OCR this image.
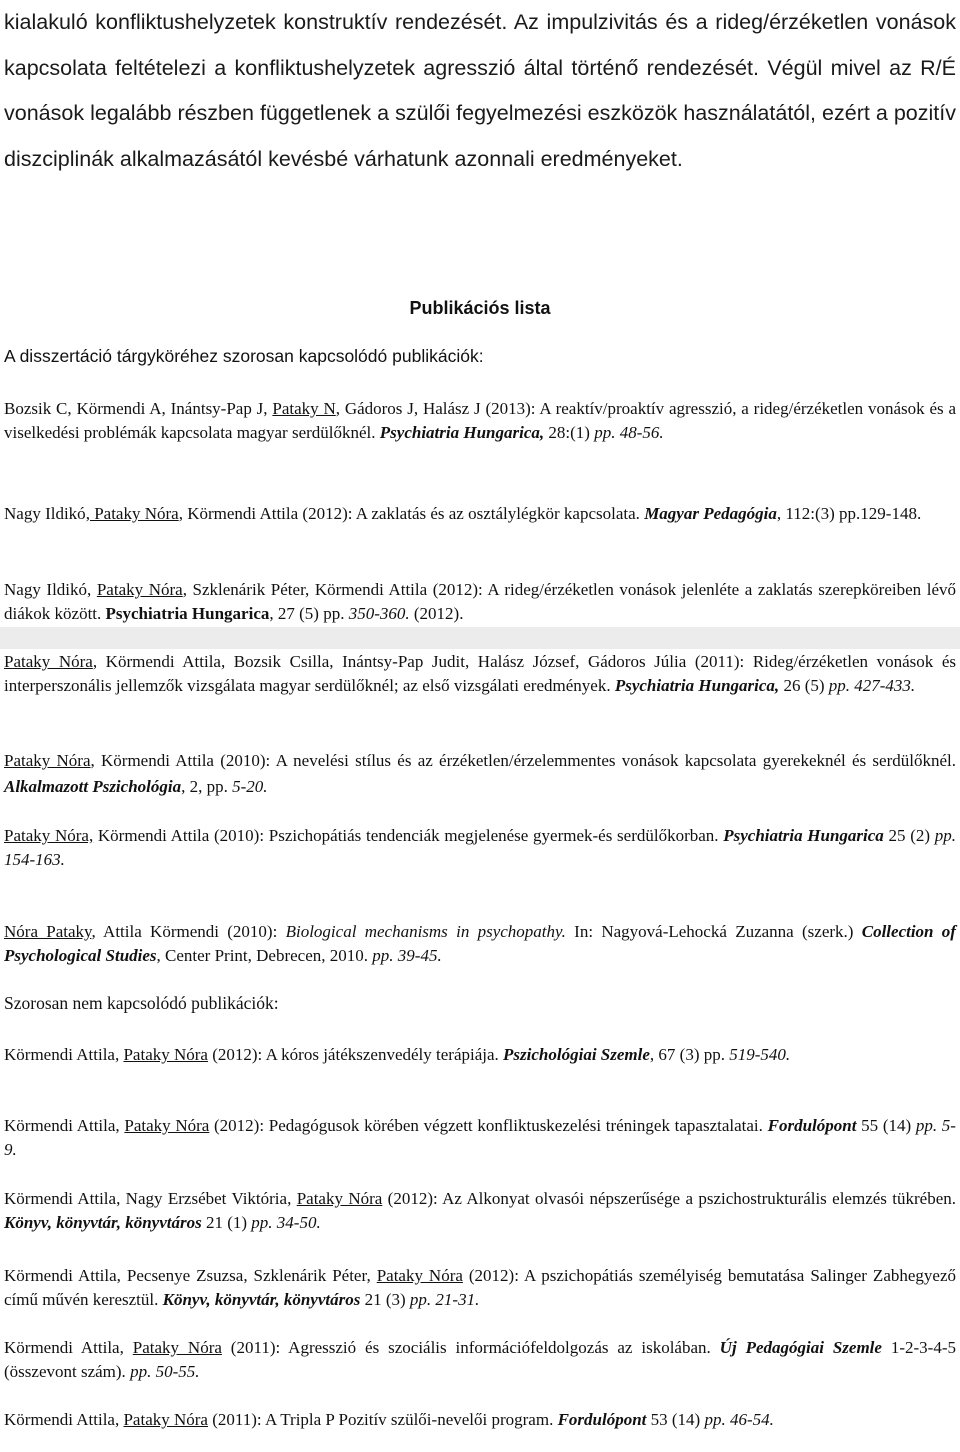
kialakuló konfliktushelyzetek konstruktív rendezését. Az impulzivitás és a rideg/érzéketlen vonások kapcsolata feltételezi a konfliktushelyzetek agresszió által történő rendezését. Végül mivel az R/É vonások legalább részben függetlenek a szülői fegyelmezési eszközök használatától, ezért a pozitív diszciplinák alkalmazásától kevésbé várhatunk azonnali eredményeket.

Publikációs lista
A disszertáció tárgyköréhez szorosan kapcsolódó publikációk:
Bozsik C, Körmendi A, Inántsy-Pap J, Pataky N, Gádoros J, Halász J (2013): A reaktív/proaktív agresszió, a rideg/érzéketlen vonások és a viselkedési problémák kapcsolata magyar serdülőknél. Psychiatria Hungarica, 28:(1) pp. 48-56.
Nagy Ildikó, Pataky Nóra, Körmendi Attila (2012): A zaklatás és az osztálylégkör kapcsolata. Magyar Pedagógia, 112:(3) pp.129-148.
Nagy Ildikó, Pataky Nóra, Szklenárik Péter, Körmendi Attila (2012): A rideg/érzéketlen vonások jelenléte a zaklatás szerepköreiben lévő diákok között. Psychiatria Hungarica, 27 (5) pp. 350-360. (2012).
Pataky Nóra, Körmendi Attila, Bozsik Csilla, Inántsy-Pap Judit, Halász József, Gádoros Júlia (2011): Rideg/érzéketlen vonások és interperszonális jellemzők vizsgálata magyar serdülőknél; az első vizsgálati eredmények. Psychiatria Hungarica, 26 (5) pp. 427-433.
Pataky Nóra, Körmendi Attila (2010): A nevelési stílus és az érzéketlen/érzelemmentes vonások kapcsolata gyerekeknél és serdülőknél. Alkalmazott Pszichológia, 2, pp. 5-20.
Pataky Nóra, Körmendi Attila (2010): Pszichopátiás tendenciák megjelenése gyermek-és serdülőkorban. Psychiatria Hungarica 25 (2) pp. 154-163.
Nóra Pataky, Attila Körmendi (2010): Biological mechanisms in psychopathy. In: Nagyová-Lehocká Zuzanna (szerk.) Collection of Psychological Studies, Center Print, Debrecen, 2010. pp. 39-45.
Szorosan nem kapcsolódó publikációk:
Körmendi Attila, Pataky Nóra (2012): A kóros játékszenvedély terápiája. Pszichológiai Szemle, 67 (3) pp. 519-540.
Körmendi Attila, Pataky Nóra (2012): Pedagógusok körében végzett konfliktuskezelési tréningek tapasztalatai. Fordulópont 55 (14) pp. 5-9.
Körmendi Attila, Nagy Erzsébet Viktória, Pataky Nóra (2012): Az Alkonyat olvasói népszerűsége a pszichostrukturális elemzés tükrében. Könyv, könyvtár, könyvtáros 21 (1) pp. 34-50.
Körmendi Attila, Pecsenye Zsuzsa, Szklenárik Péter, Pataky Nóra (2012): A pszichopátiás személyiség bemutatása Salinger Zabhegyező című művén keresztül. Könyv, könyvtár, könyvtáros 21 (3) pp. 21-31.
Körmendi Attila, Pataky Nóra (2011): Agresszió és szociális információfeldolgozás az iskolában. Új Pedagógiai Szemle 1-2-3-4-5 (összevont szám). pp. 50-55.
Körmendi Attila, Pataky Nóra (2011): A Tripla P Pozitív szülői-nevelői program. Fordulópont 53 (14) pp. 46-54.
